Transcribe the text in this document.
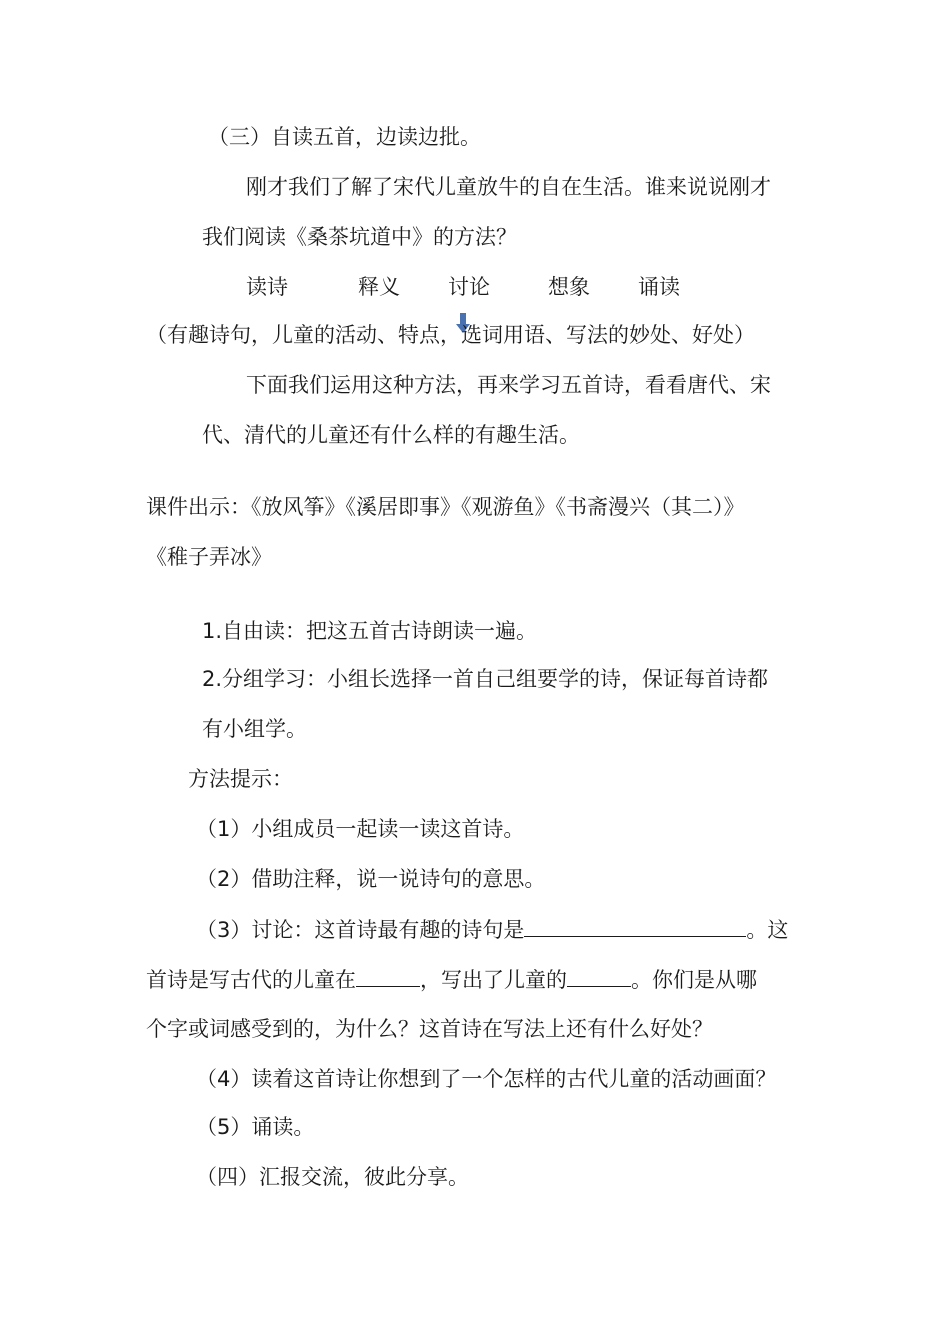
（三）自读五首，边读边批。
刚才我们了解了宋代儿童放牛的自在生活。谁来说说刚才
我们阅读《桑茶坑道中》的方法？
读诗	释义 讨论	想象 诵读
（有趣诗句，儿童的活动、特点，选词用语、写法的妙处、好处）
下面我们运用这种方法，再来学习五首诗，看看唐代、宋
代、清代的儿童还有什么样的有趣生活。
课件出示：《放风筝》《溪居即事》《观游鱼》《书斋漫兴（其二）》
《稚子弄冰》
1.自由读：把这五首古诗朗读一遍。
2.分组学习：小组长选择一首自己组要学的诗，保证每首诗都
有小组学。
方法提示：
（1）小组成员一起读一读这首诗。
（2）借助注释，说一说诗句的意思。
（3）讨论：这首诗最有趣的诗句是	。这
首诗是写古代的儿童在	，写出了儿童的	。你们是从哪
个字或词感受到的，为什么？这首诗在写法上还有什么好处？
（4）读着这首诗让你想到了一个怎样的古代儿童的活动画面？
（5）诵读。
（四）汇报交流，彼此分享。
